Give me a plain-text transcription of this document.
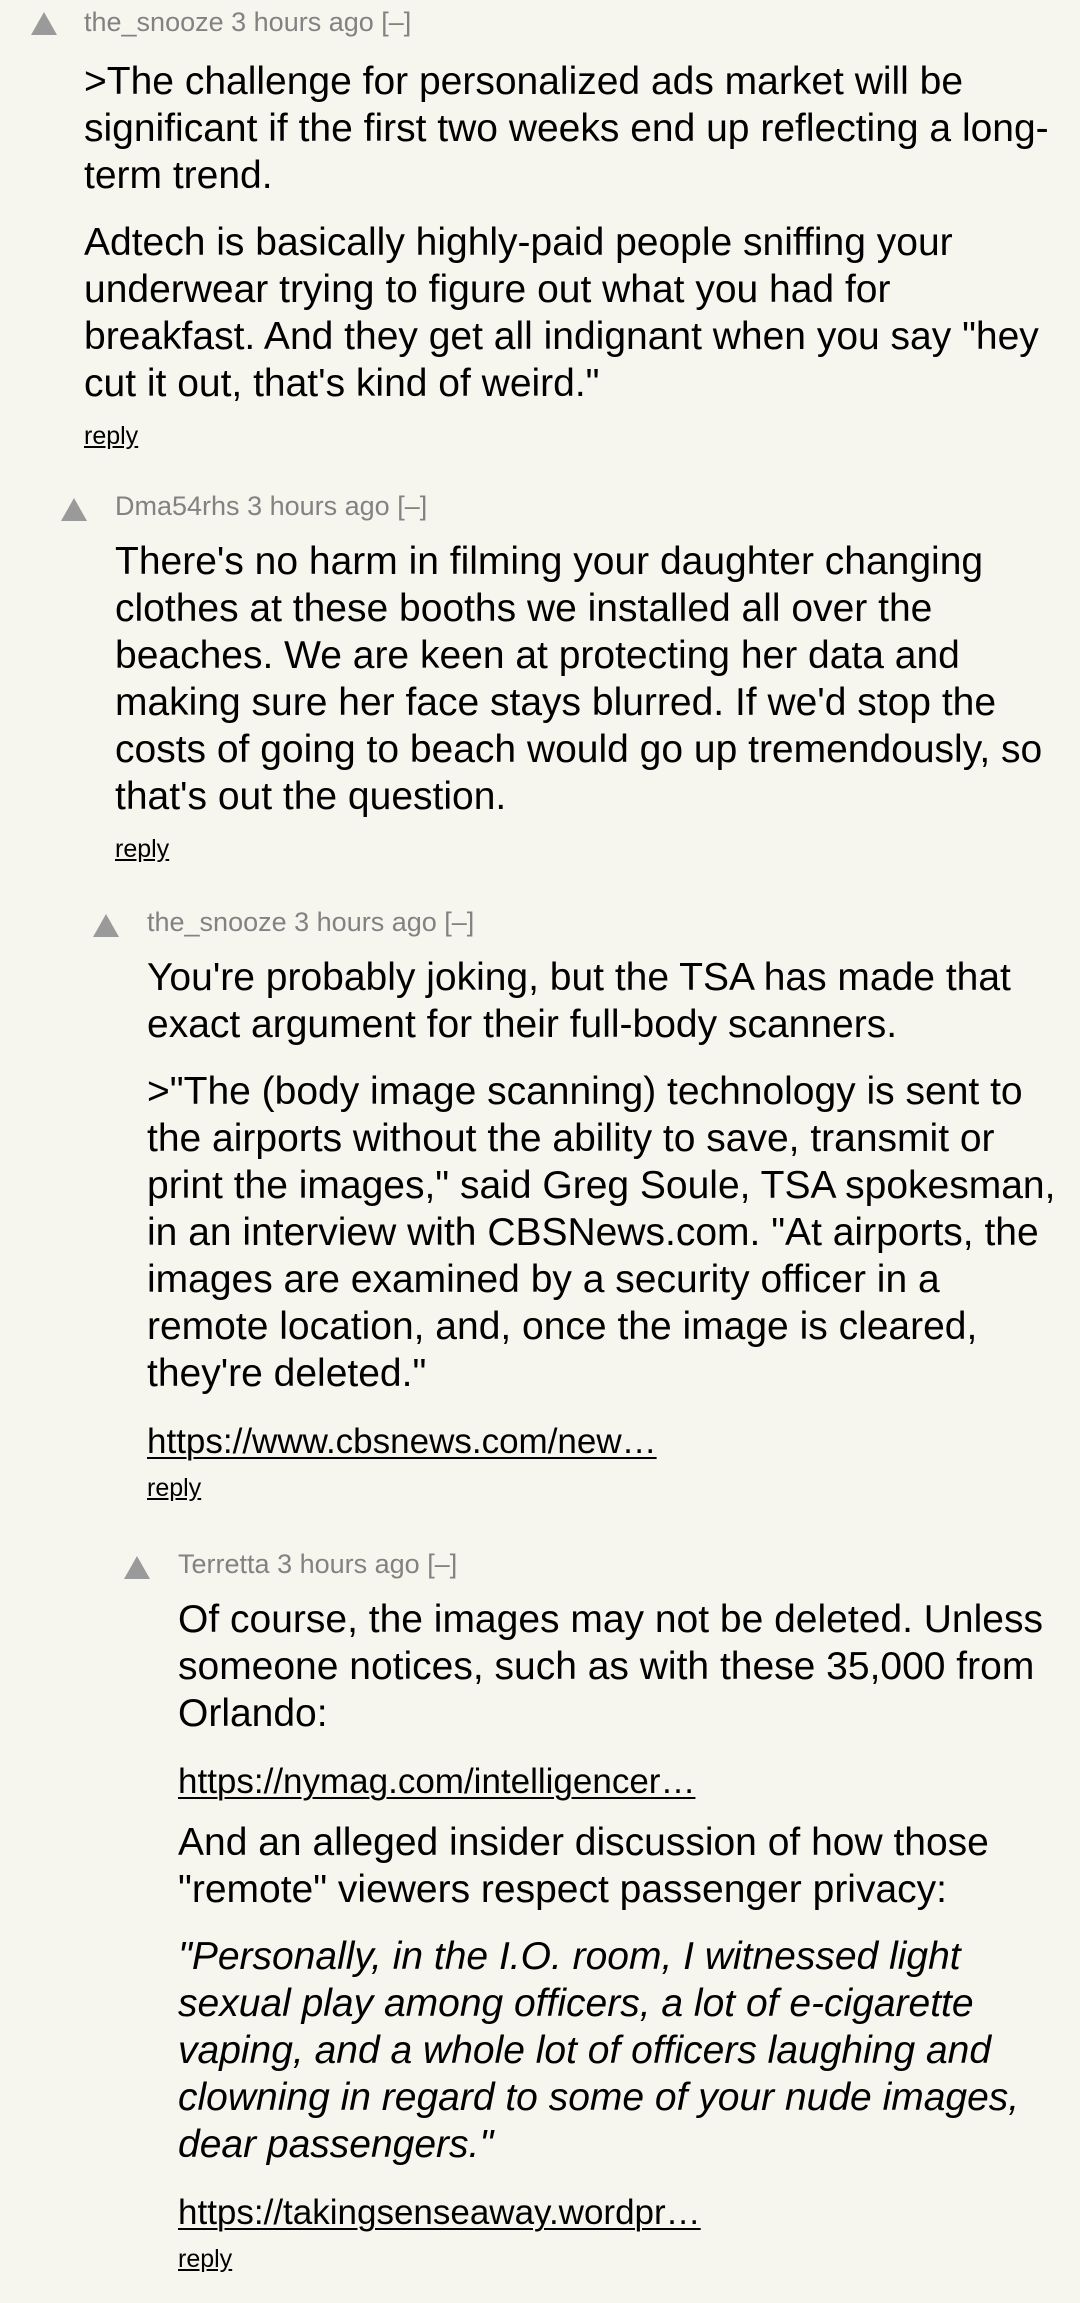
the_snooze 3 hours ago [–]

>The challenge for personalized ads market will be significant if the first two weeks end up reflecting a long-term trend.

Adtech is basically highly-paid people sniffing your underwear trying to figure out what you had for breakfast. And they get all indignant when you say "hey cut it out, that's kind of weird."

reply
Dma54rhs 3 hours ago [–]

There's no harm in filming your daughter changing clothes at these booths we installed all over the beaches. We are keen at protecting her data and making sure her face stays blurred. If we'd stop the costs of going to beach would go up tremendously, so that's out the question.

reply
the_snooze 3 hours ago [–]

You're probably joking, but the TSA has made that exact argument for their full-body scanners.

>"The (body image scanning) technology is sent to the airports without the ability to save, transmit or print the images," said Greg Soule, TSA spokesman, in an interview with CBSNews.com. "At airports, the images are examined by a security officer in a remote location, and, once the image is cleared, they're deleted."

https://www.cbsnews.com/new…

reply
Terretta 3 hours ago [–]

Of course, the images may not be deleted. Unless someone notices, such as with these 35,000 from Orlando:

https://nymag.com/intelligencer…

And an alleged insider discussion of how those "remote" viewers respect passenger privacy:

"Personally, in the I.O. room, I witnessed light sexual play among officers, a lot of e-cigarette vaping, and a whole lot of officers laughing and clowning in regard to some of your nude images, dear passengers."

https://takingsenseaway.wordpr…

reply
